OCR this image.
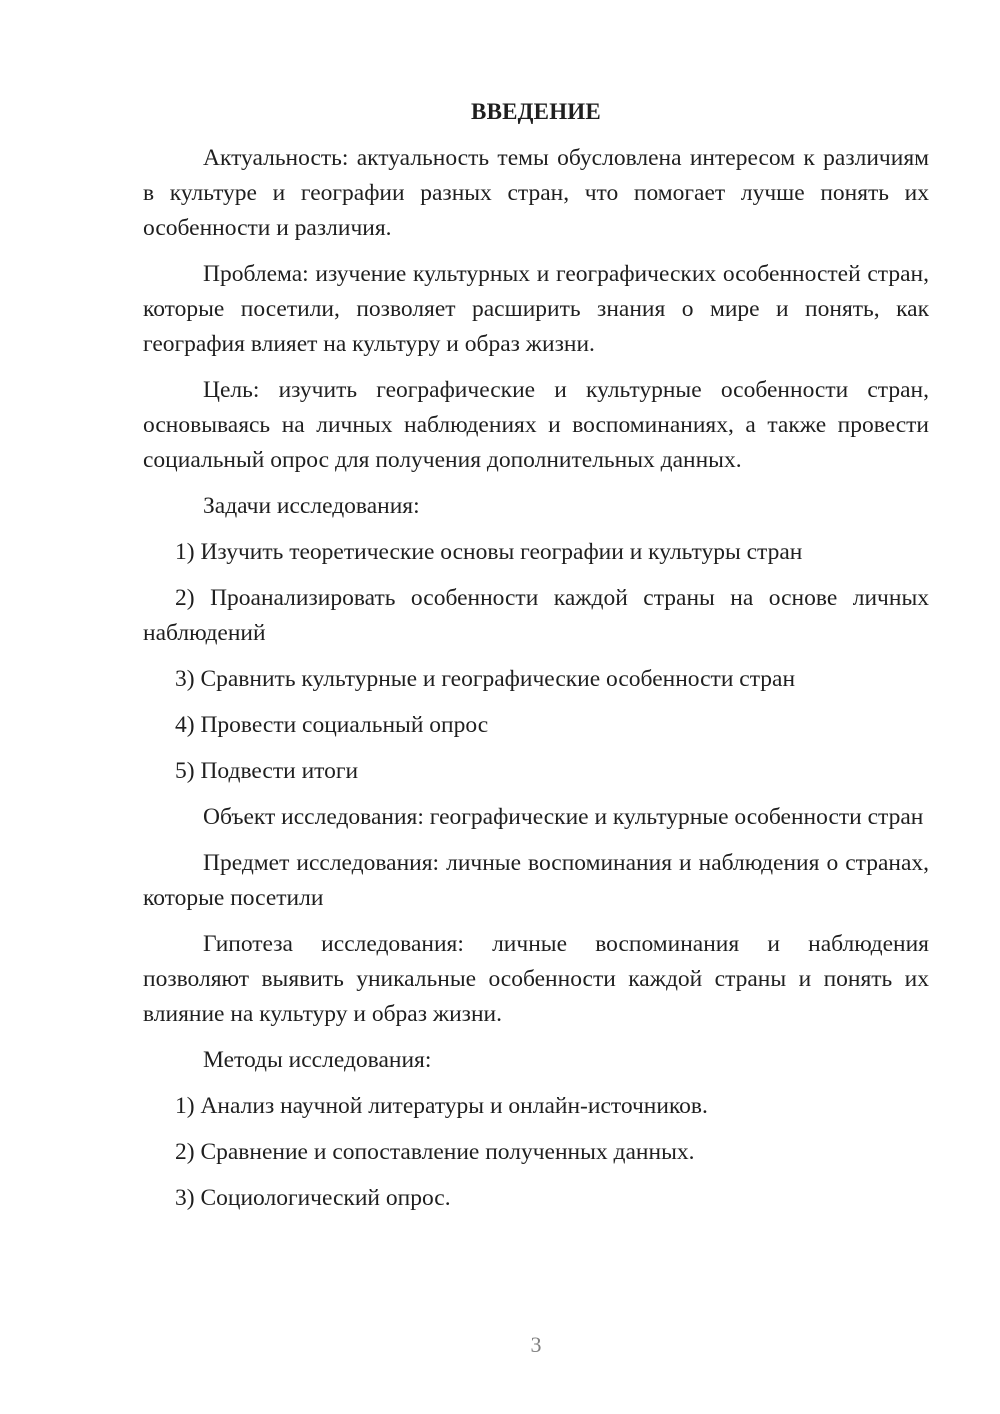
ВВЕДЕНИЕ

Актуальность: актуальность темы обусловлена интересом к различиям в культуре и географии разных стран, что помогает лучше понять их особенности и различия.

Проблема: изучение культурных и географических особенностей стран, которые посетили, позволяет расширить знания о мире и понять, как география влияет на культуру и образ жизни.

Цель: изучить географические и культурные особенности стран, основываясь на личных наблюдениях и воспоминаниях, а также провести социальный опрос для получения дополнительных данных.

Задачи исследования:

1) Изучить теоретические основы географии и культуры стран

2) Проанализировать особенности каждой страны на основе личных наблюдений

3) Сравнить культурные и географические особенности стран

4) Провести социальный опрос

5) Подвести итоги

Объект исследования: географические и культурные особенности стран

Предмет исследования: личные воспоминания и наблюдения о странах, которые посетили

Гипотеза исследования: личные воспоминания и наблюдения позволяют выявить уникальные особенности каждой страны и понять их влияние на культуру и образ жизни.

Методы исследования:

1) Анализ научной литературы и онлайн-источников.

2) Сравнение и сопоставление полученных данных.

3) Социологический опрос.

3
